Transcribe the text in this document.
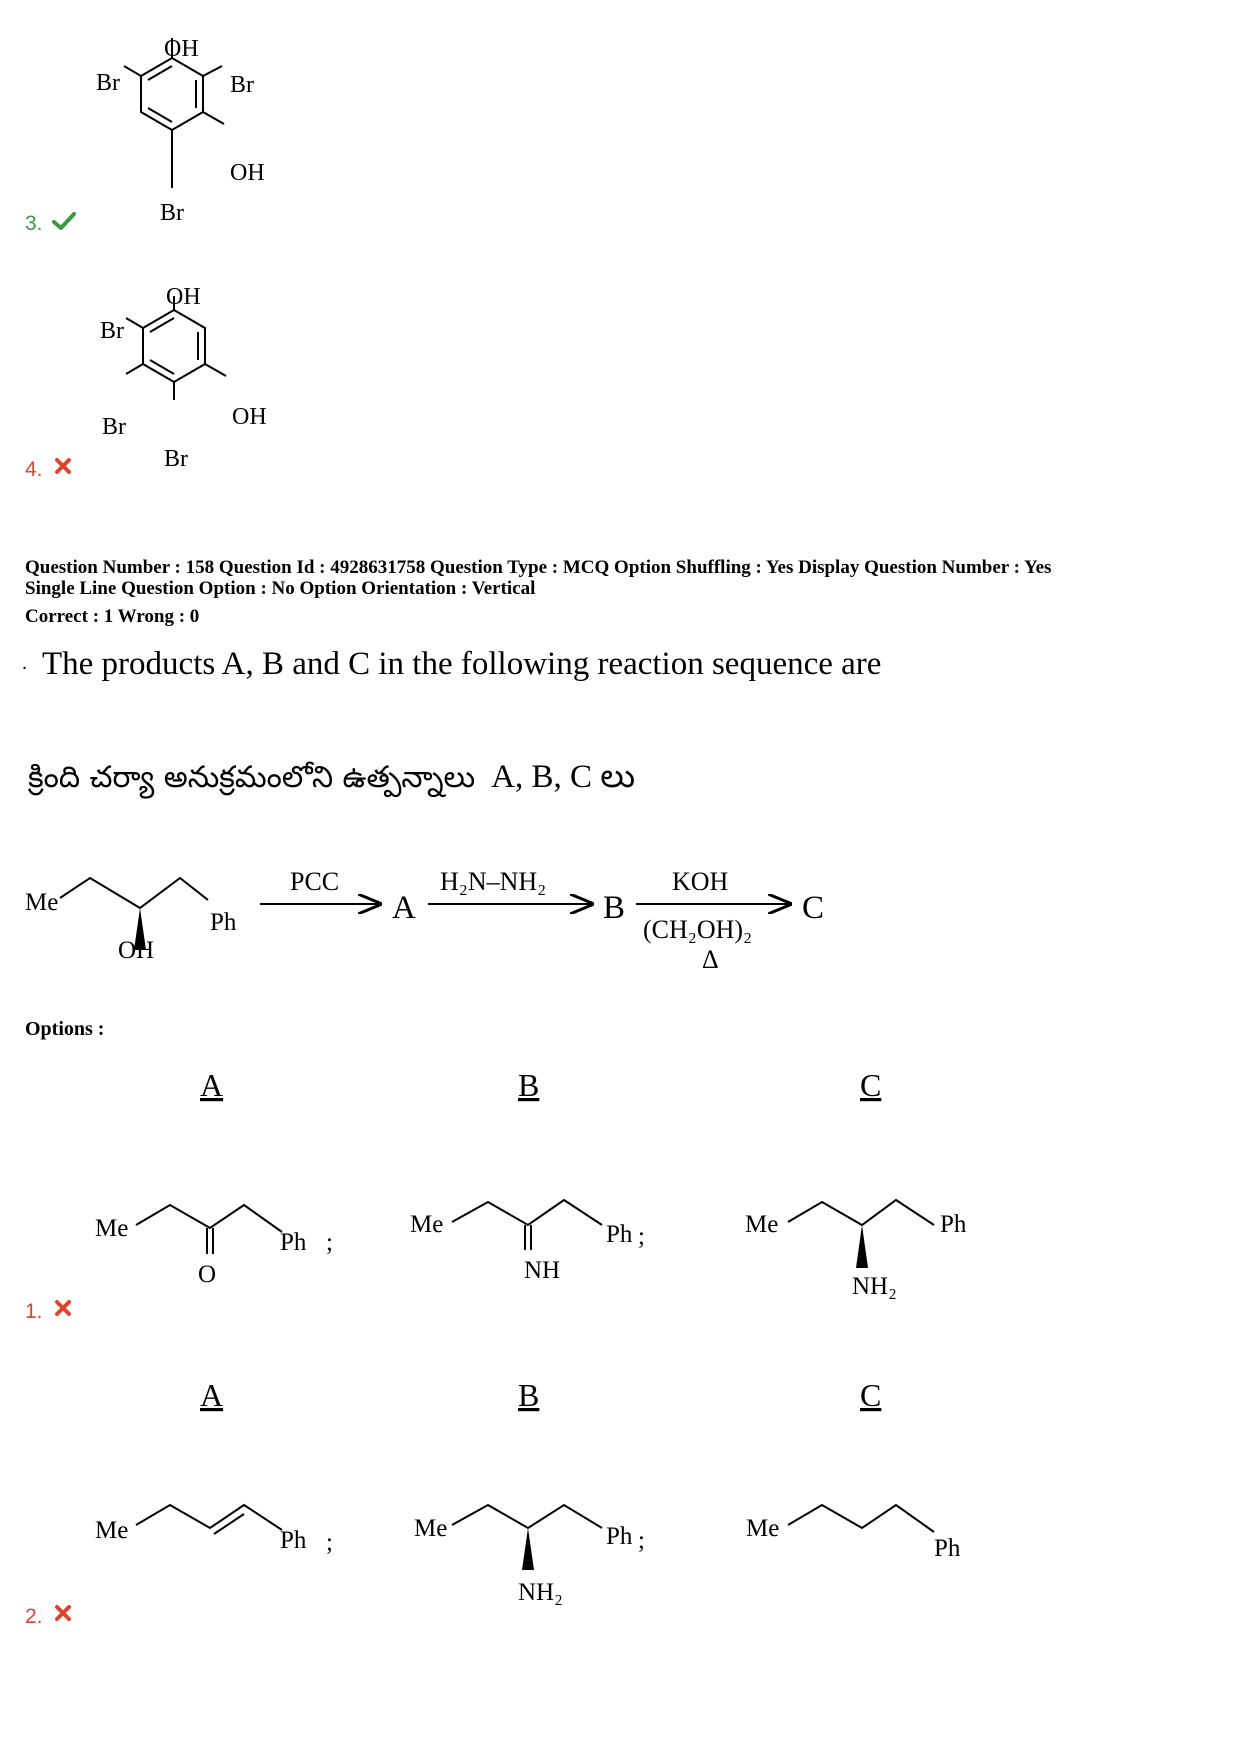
OH
Br	Br
OH
Br
3.
OH
Br
Br	OH
Br
4.
Question Number : 158 Question Id : 4928631758 Question Type : MCQ Option Shuffling : Yes Display Question Number : Yes
Single Line Question Option : No Option Orientation : Vertical
Correct : 1 Wrong : 0
. The products A, B and C in the following reaction sequence are
క్రింది చర్యా అనుక్రమంలోని ఉత్పన్నాలు A, B, C లు
Me
Ph
OH
PCC
A
H₂N–NH₂
B
KOH
(CH₂OH)₂
Δ
C
Options :
A	B	C
Me
Ph ;
O
Me	Ph ;
NH
Me	Ph
NH₂
1.
A	B	C
Me	Ph ;
Me	Ph ;
NH₂
Me
Ph
2.
